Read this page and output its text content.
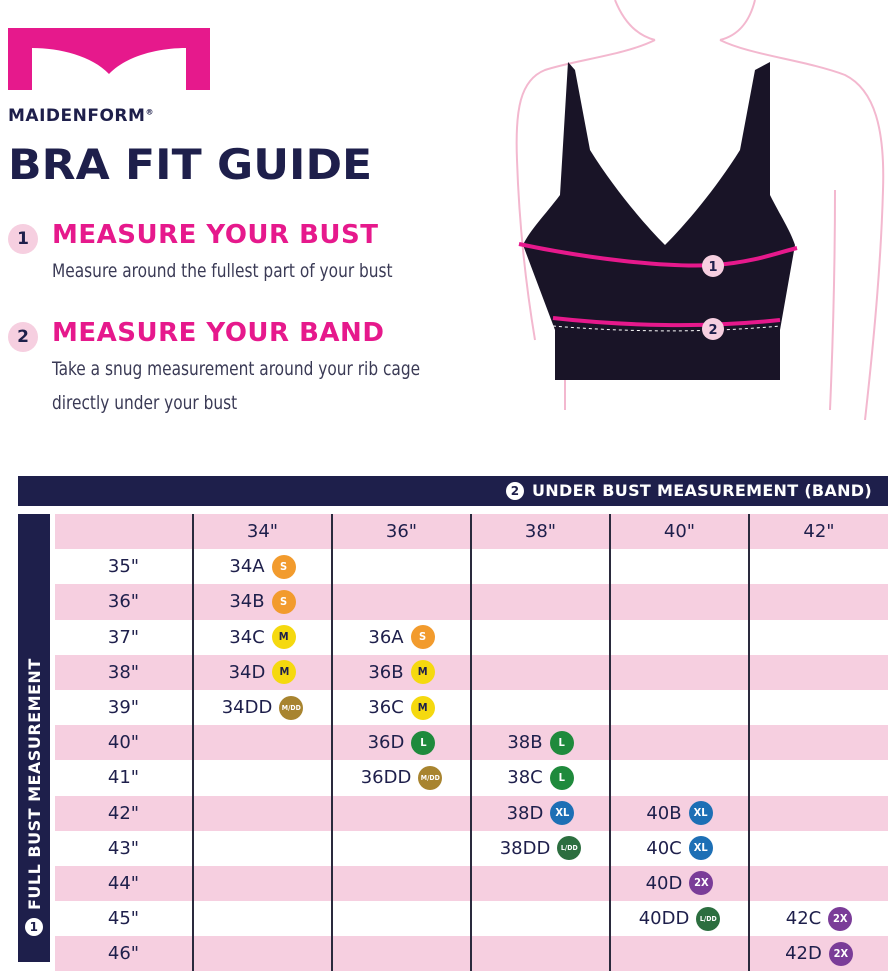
MAIDENFORM®
BRA FIT GUIDE
1 MEASURE YOUR BUST
Measure around the fullest part of your bust
2 MEASURE YOUR BAND
Take a snug measurement around your rib cage
directly under your bust
1
2
2 UNDER BUST MEASUREMENT (BAND)
1
FULL BUST MEASUREMENT
	34"	36"	38"	40"	42"
35"	34A S				

36"	34B S				

37"	34C M	36A S			

38"	34D M	36B M			

39"	34DD M/DD	36C M			

40"		36D L	38B L		

41"		36DD M/DD	38C L		

42"			38D XL	40B XL	

43"			38DD L/DD	40C XL	

44"				40D 2X	

45"				40DD L/DD	42C 2X

46"					42D 2X
